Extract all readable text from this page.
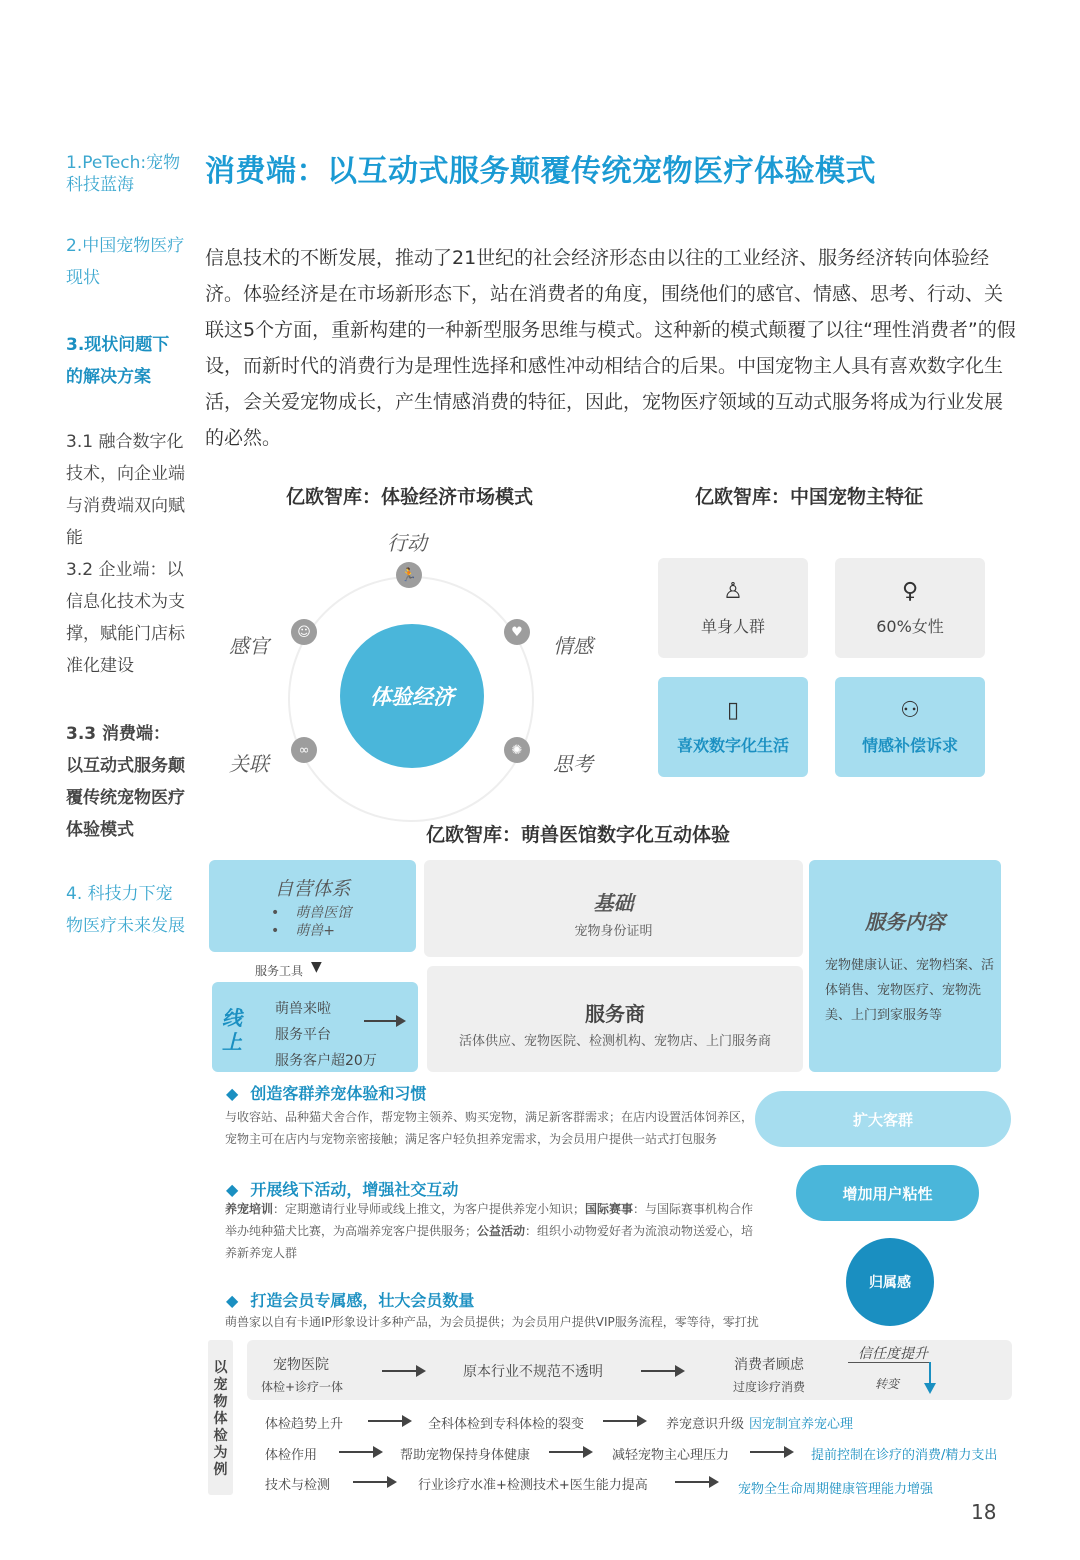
1.PeTech:宠物科技蓝海
2.中国宠物医疗现状
3.现状问题下的解决方案
3.1 融合数字化技术，向企业端与消费端双向赋能
3.2 企业端：以信息化技术为支撑，赋能门店标准化建设
3.3 消费端：以互动式服务颠覆传统宠物医疗体验模式
4. 科技力下宠物医疗未来发展
消费端：以互动式服务颠覆传统宠物医疗体验模式
信息技术的不断发展，推动了21世纪的社会经济形态由以往的工业经济、服务经济转向体验经济。体验经济是在市场新形态下，站在消费者的角度，围绕他们的感官、情感、思考、行动、关联这5个方面，重新构建的一种新型服务思维与模式。这种新的模式颠覆了以往“理性消费者”的假设，而新时代的消费行为是理性选择和感性冲动相结合的后果。中国宠物主人具有喜欢数字化生活，会关爱宠物成长，产生情感消费的特征，因此，宠物医疗领域的互动式服务将成为行业发展的必然。
亿欧智库：体验经济市场模式
体验经济
🏃
☺	♥
∞	✺
行动
感官	情感
关联	思考
亿欧智库：中国宠物主特征
♙
单身人群
♀
60%女性
▯
喜欢数字化生活
⚇
情感补偿诉求
亿欧智库：萌兽医馆数字化互动体验
自营体系
• 萌兽医馆
• 萌兽+
服务工具 ▼
线上
萌兽来啦
服务平台
服务客户超20万
基础
宠物身份证明
服务商
活体供应、宠物医院、检测机构、宠物店、上门服务商
服务内容
宠物健康认证、宠物档案、活体销售、宠物医疗、宠物洗美、上门到家服务等
◆ 创造客群养宠体验和习惯
与收容站、品种猫犬舍合作，帮宠物主领养、购买宠物，满足新客群需求；在店内设置活体饲养区，宠物主可在店内与宠物亲密接触；满足客户轻负担养宠需求，为会员用户提供一站式打包服务
◆ 开展线下活动，增强社交互动
养宠培训：定期邀请行业导师或线上推文，为客户提供养宠小知识；国际赛事：与国际赛事机构合作举办纯种猫犬比赛，为高端养宠客户提供服务；公益活动：组织小动物爱好者为流浪动物送爱心，培养新养宠人群
◆ 打造会员专属感，壮大会员数量
萌兽家以自有卡通IP形象设计多种产品，为会员提供；为会员用户提供VIP服务流程，零等待，零打扰
扩大客群
增加用户粘性
归属感
以宠物体检为例
宠物医院
体检+诊疗一体
原本行业不规范不透明	消费者顾虑
过度诊疗消费
信任度提升
转变
体检趋势上升	全科体检到专科体检的裂变	养宠意识升级 因宠制宜养宠心理
体检作用	帮助宠物保持身体健康	减轻宠物主心理压力	提前控制在诊疗的消费/精力支出
技术与检测	行业诊疗水准+检测技术+医生能力提高	宠物全生命周期健康管理能力增强
18
